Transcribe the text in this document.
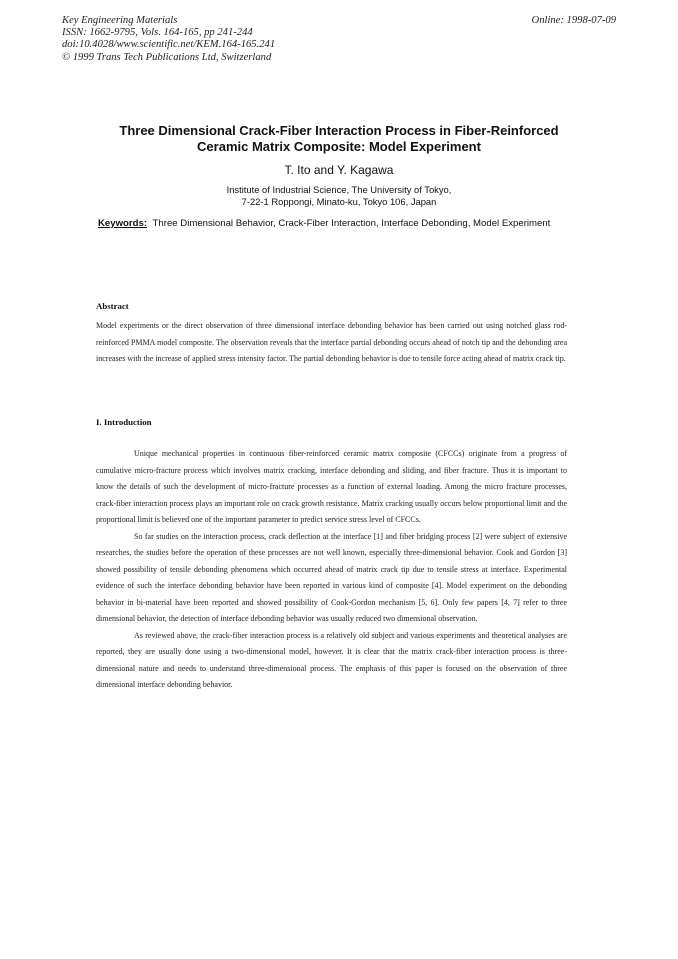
Key Engineering Materials
ISSN: 1662-9795, Vols. 164-165, pp 241-244
doi:10.4028/www.scientific.net/KEM.164-165.241
© 1999 Trans Tech Publications Ltd, Switzerland
Online: 1998-07-09
Three Dimensional Crack-Fiber Interaction Process in Fiber-Reinforced
Ceramic Matrix Composite: Model Experiment
T. Ito and Y. Kagawa
Institute of Industrial Science, The University of Tokyo,
7-22-1 Roppongi, Minato-ku, Tokyo 106, Japan
Keywords: Three Dimensional Behavior, Crack-Fiber Interaction, Interface Debonding, Model Experiment
Abstract
Model experiments or the direct observation of three dimensional interface debonding behavior has been carried out using notched glass rod-reinforced PMMA model composite. The observation reveals that the interface partial debonding occurs ahead of notch tip and the debonding area increases with the increase of applied stress intensity factor. The partial debonding behavior is due to tensile force acting ahead of matrix crack tip.
I. Introduction

Unique mechanical properties in continuous fiber-reinforced ceramic matrix composite (CFCCs) originate from a progress of cumulative micro-fracture process which involves matrix cracking, interface debonding and sliding, and fiber fracture. Thus it is important to know the details of such the development of micro-fracture processes as a function of external loading. Among the micro fracture processes, crack-fiber interaction process plays an important role on crack growth resistance. Matrix cracking usually occurs below proportional limit and the proportional limit is believed one of the important parameter to predict service stress level of CFCCs.

So far studies on the interaction process, crack deflection at the interface [1] and fiber bridging process [2] were subject of extensive researches, the studies before the operation of these processes are not well known, especially three-dimensional behavior. Cook and Gordon [3] showed possibility of tensile debonding phenomena which occurred ahead of matrix crack tip due to tensile stress at interface. Experimental evidence of such the interface debonding behavior have been reported in various kind of composite [4]. Model experiment on the debonding behavior in bi-material have been reported and showed possibility of Cook-Gordon mechanism [5, 6]. Only few papers [4, 7] refer to three dimensional behavior, the detection of interface debonding behavior was usually reduced two dimensional observation.

As reviewed above, the crack-fiber interaction process is a relatively old subject and various experiments and theoretical analyses are reported, they are usually done using a two-dimensional model, however. It is clear that the matrix crack-fiber interaction process is three-dimensional nature and needs to understand three-dimensional process. The emphasis of this paper is focused on the observation of three dimensional interface debonding behavior.
